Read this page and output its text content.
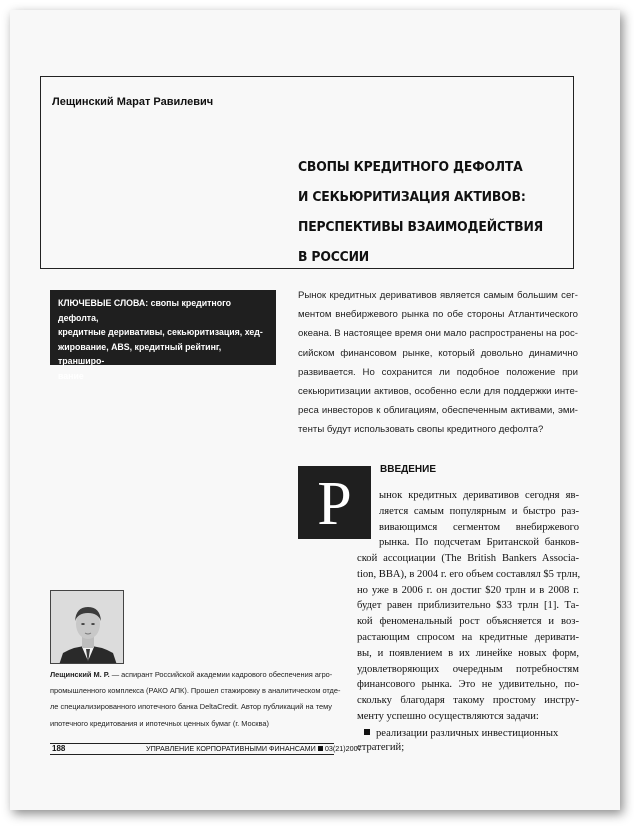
Лещинский Марат Равилевич
СВОПЫ КРЕДИТНОГО ДЕФОЛТА
И СЕКЬЮРИТИЗАЦИЯ АКТИВОВ:
ПЕРСПЕКТИВЫ ВЗАИМОДЕЙСТВИЯ
В РОССИИ
КЛЮЧЕВЫЕ СЛОВА: свопы кредитного дефолта,
кредитные деривативы, секьюритизация, хед-
жирование, ABS, кредитный рейтинг, транширо-
вание
Рынок кредитных деривативов является самым большим сег-
ментом внебиржевого рынка по обе стороны Атлантического
океана. В настоящее время они мало распространены на рос-
сийском финансовом рынке, который довольно динамично
развивается. Но сохранится ли подобное положение при
секьюритизации активов, особенно если для поддержки инте-
реса инвесторов к облигациям, обеспеченным активами, эми-
тенты будут использовать свопы кредитного дефолта?
Р
ВВЕДЕНИЕ
ынок кредитных деривативов сегодня яв-
ляется самым популярным и быстро раз-
вивающимся сегментом внебиржевого
рынка. По подсчетам Британской банков-
ской ассоциации (The British Bankers Associa-
tion, BBA), в 2004 г. его объем составлял $5 трлн,
но уже в 2006 г. он достиг $20 трлн и в 2008 г.
будет равен приблизительно $33 трлн [1]. Та-
кой феноменальный рост объясняется и воз-
растающим спросом на кредитные деривати-
вы, и появлением в их линейке новых форм,
удовлетворяющих очередным потребностям
финансового рынка. Это не удивительно, по-
скольку благодаря такому простому инстру-
менту успешно осуществляются задачи:
реализации различных инвестиционных
стратегий;
Лещинский М. Р. — аспирант Российской академии кадрового обеспечения агро-
промышленного комплекса (РАКО АПК). Прошел стажировку в аналитическом отде-
ле специализированного ипотечного банка DeltaCredit. Автор публикаций на тему
ипотечного кредитования и ипотечных ценных бумаг (г. Москва)
188	УПРАВЛЕНИЕ КОРПОРАТИВНЫМИ ФИНАНСАМИ 03(21)2007
